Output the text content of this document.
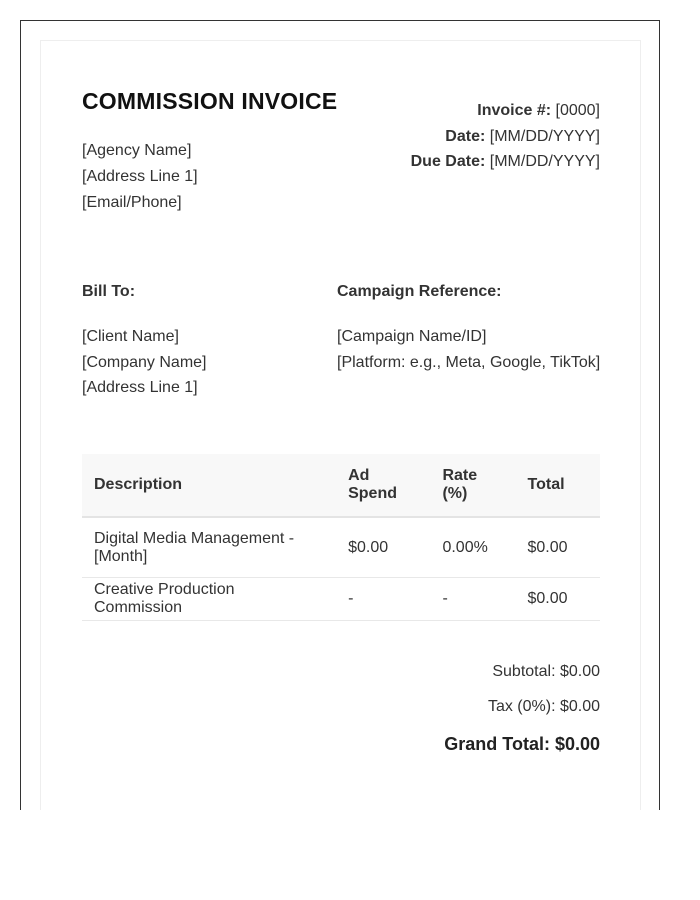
COMMISSION INVOICE
[Agency Name]
[Address Line 1]
[Email/Phone]
Invoice #: [0000]
Date: [MM/DD/YYYY]
Due Date: [MM/DD/YYYY]
Bill To:
[Client Name]
[Company Name]
[Address Line 1]
Campaign Reference:
[Campaign Name/ID]
[Platform: e.g., Meta, Google, TikTok]
Description	Ad Spend	Rate (%)	Total
Digital Media Management - [Month]	$0.00	0.00%	$0.00
Creative Production Commission	-	-	$0.00
Subtotal: $0.00
Tax (0%): $0.00
Grand Total: $0.00
